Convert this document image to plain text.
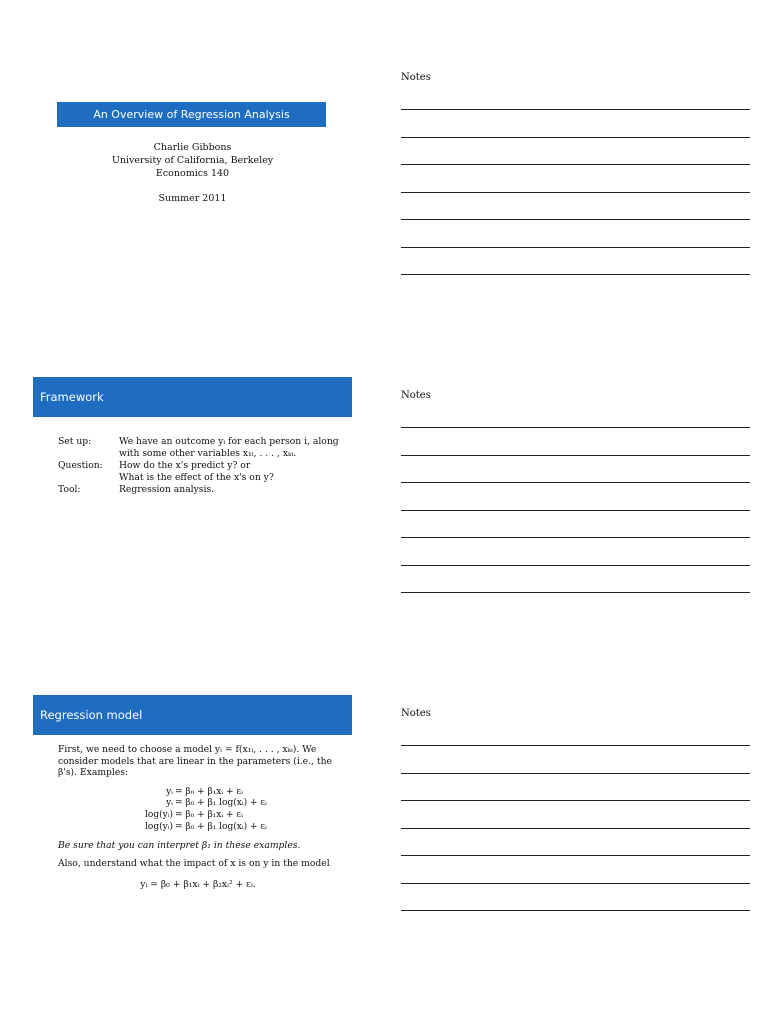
An Overview of Regression Analysis
Charlie Gibbons
University of California, Berkeley
Economics 140
Summer 2011
Framework
Set up:	We have an outcome yᵢ for each person i, along with some other variables x₁ᵢ, . . . , xₖᵢ.
Question:	How do the x's predict y? or
What is the effect of the x's on y?
Tool:	Regression analysis.
Regression model

First, we need to choose a model yᵢ = f(x₁ᵢ, . . . , xₖᵢ). We consider models that are linear in the parameters (i.e., the β's). Examples:

yᵢ = β₀ + β₁xᵢ + εᵢ
yᵢ = β₀ + β₁ log(xᵢ) + εᵢ
log(yᵢ) = β₀ + β₁xᵢ + εᵢ
log(yᵢ) = β₀ + β₁ log(xᵢ) + εᵢ

Be sure that you can interpret β₁ in these examples.

Also, understand what the impact of x is on y in the model

yᵢ = β₀ + β₁xᵢ + β₂xᵢ² + εᵢ.

Notes
Notes
Notes
